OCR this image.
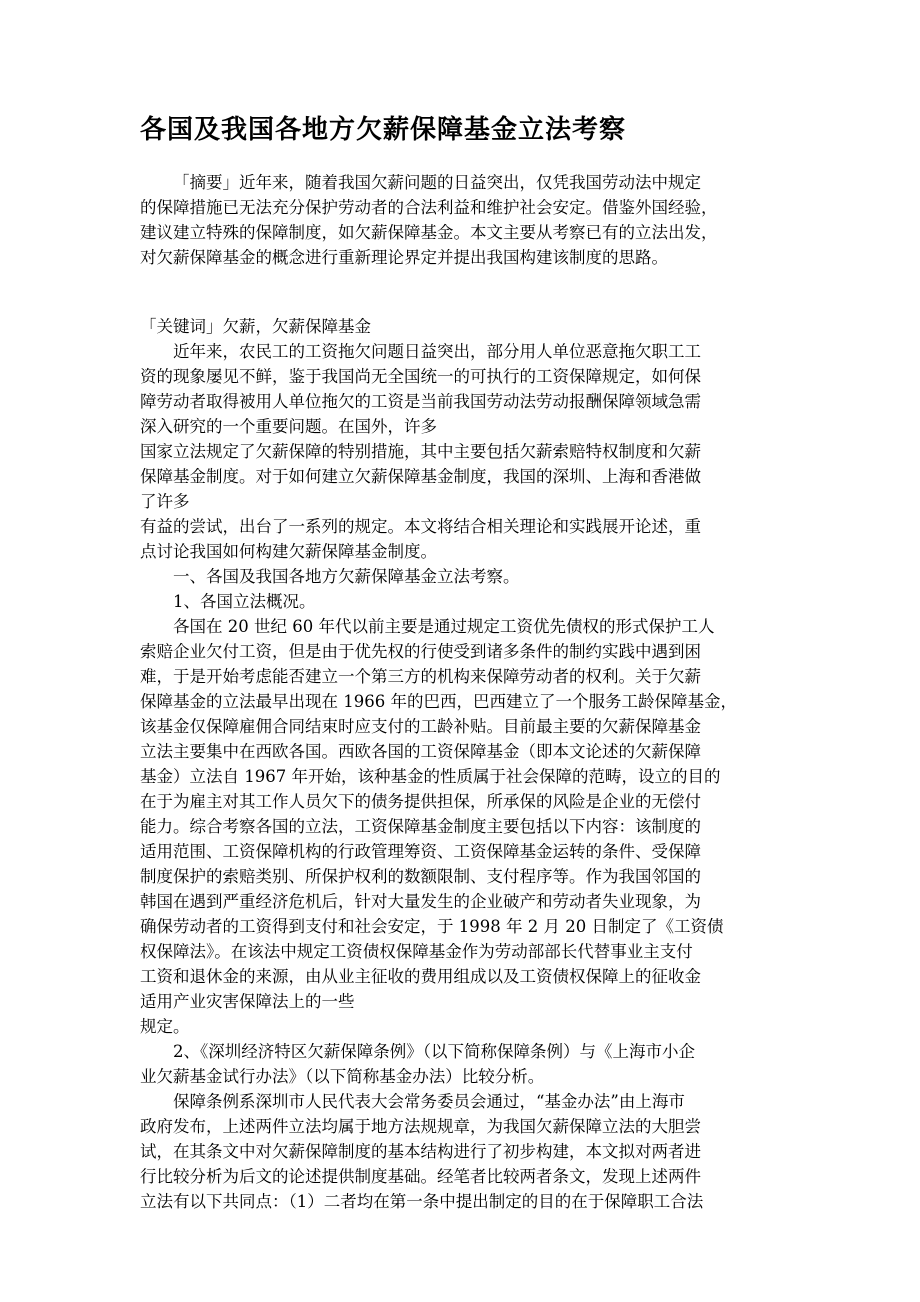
各国及我国各地方欠薪保障基金立法考察
「摘要」近年来，随着我国欠薪问题的日益突出，仅凭我国劳动法中规定
的保障措施已无法充分保护劳动者的合法利益和维护社会安定。借鉴外国经验，
建议建立特殊的保障制度，如欠薪保障基金。本文主要从考察已有的立法出发，
对欠薪保障基金的概念进行重新理论界定并提出我国构建该制度的思路。
「关键词」欠薪，欠薪保障基金
近年来，农民工的工资拖欠问题日益突出，部分用人单位恶意拖欠职工工
资的现象屡见不鲜，鉴于我国尚无全国统一的可执行的工资保障规定，如何保
障劳动者取得被用人单位拖欠的工资是当前我国劳动法劳动报酬保障领域急需
深入研究的一个重要问题。在国外，许多
国家立法规定了欠薪保障的特别措施，其中主要包括欠薪索赔特权制度和欠薪
保障基金制度。对于如何建立欠薪保障基金制度，我国的深圳、上海和香港做
了许多
有益的尝试，出台了一系列的规定。本文将结合相关理论和实践展开论述，重
点讨论我国如何构建欠薪保障基金制度。
一、各国及我国各地方欠薪保障基金立法考察。
1、各国立法概况。
各国在 20 世纪 60 年代以前主要是通过规定工资优先债权的形式保护工人
索赔企业欠付工资，但是由于优先权的行使受到诸多条件的制约实践中遇到困
难，于是开始考虑能否建立一个第三方的机构来保障劳动者的权利。关于欠薪
保障基金的立法最早出现在 1966 年的巴西，巴西建立了一个服务工龄保障基金，
该基金仅保障雇佣合同结束时应支付的工龄补贴。目前最主要的欠薪保障基金
立法主要集中在西欧各国。西欧各国的工资保障基金（即本文论述的欠薪保障
基金）立法自 1967 年开始，该种基金的性质属于社会保障的范畴，设立的目的
在于为雇主对其工作人员欠下的债务提供担保，所承保的风险是企业的无偿付
能力。综合考察各国的立法，工资保障基金制度主要包括以下内容：该制度的
适用范围、工资保障机构的行政管理筹资、工资保障基金运转的条件、受保障
制度保护的索赔类别、所保护权利的数额限制、支付程序等。作为我国邻国的
韩国在遇到严重经济危机后，针对大量发生的企业破产和劳动者失业现象，为
确保劳动者的工资得到支付和社会安定，于 1998 年 2 月 20 日制定了《工资债
权保障法》。在该法中规定工资债权保障基金作为劳动部部长代替事业主支付
工资和退休金的来源，由从业主征收的费用组成以及工资债权保障上的征收金
适用产业灾害保障法上的一些
规定。
2、《深圳经济特区欠薪保障条例》（以下简称保障条例）与《上海市小企
业欠薪基金试行办法》（以下简称基金办法）比较分析。
保障条例系深圳市人民代表大会常务委员会通过，“基金办法”由上海市
政府发布，上述两件立法均属于地方法规规章，为我国欠薪保障立法的大胆尝
试，在其条文中对欠薪保障制度的基本结构进行了初步构建，本文拟对两者进
行比较分析为后文的论述提供制度基础。经笔者比较两者条文，发现上述两件
立法有以下共同点：（1）二者均在第一条中提出制定的目的在于保障职工合法
